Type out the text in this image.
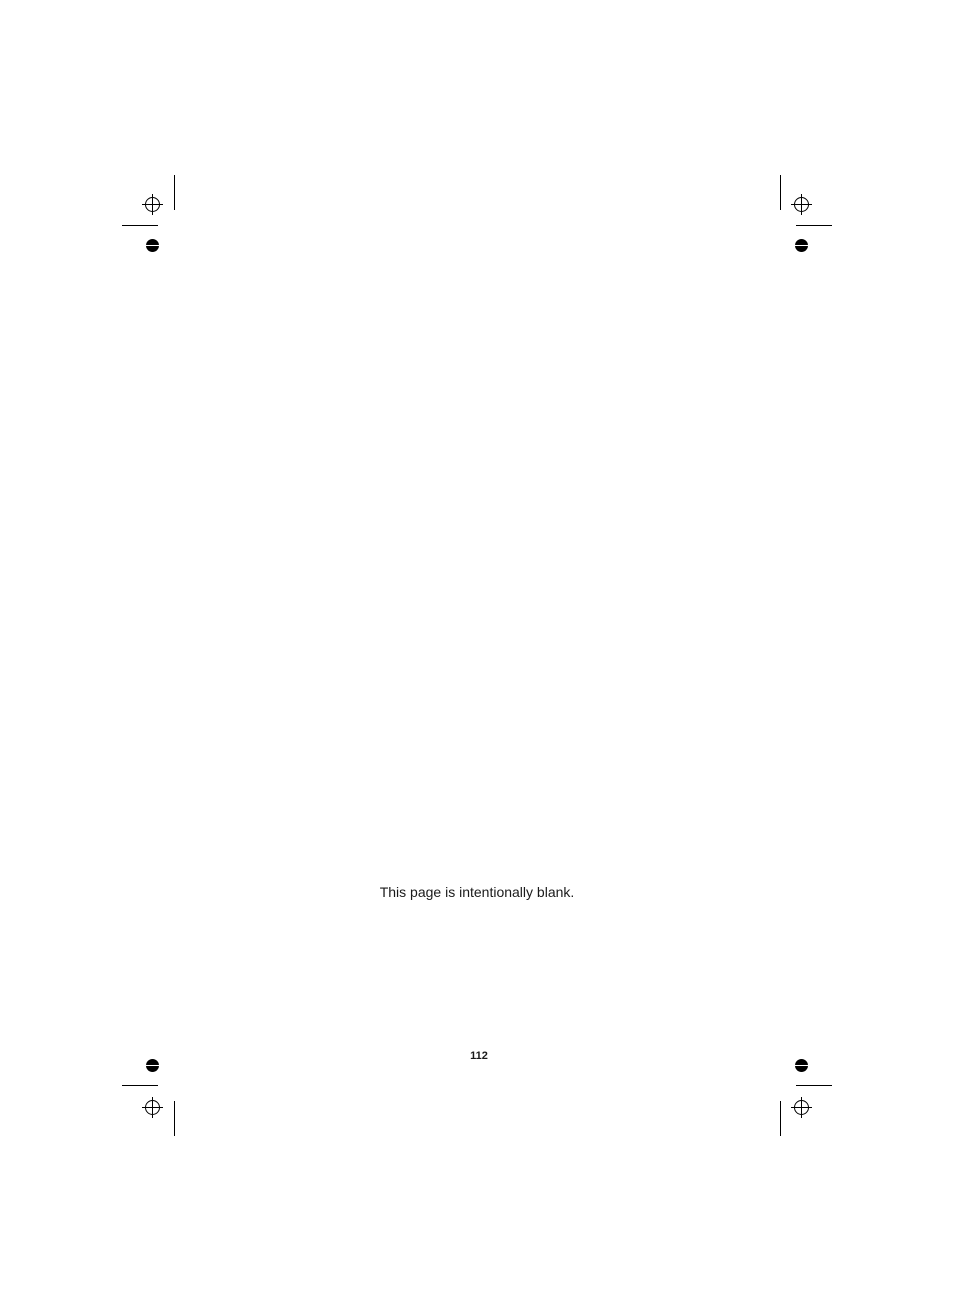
This page is intentionally blank.
112
